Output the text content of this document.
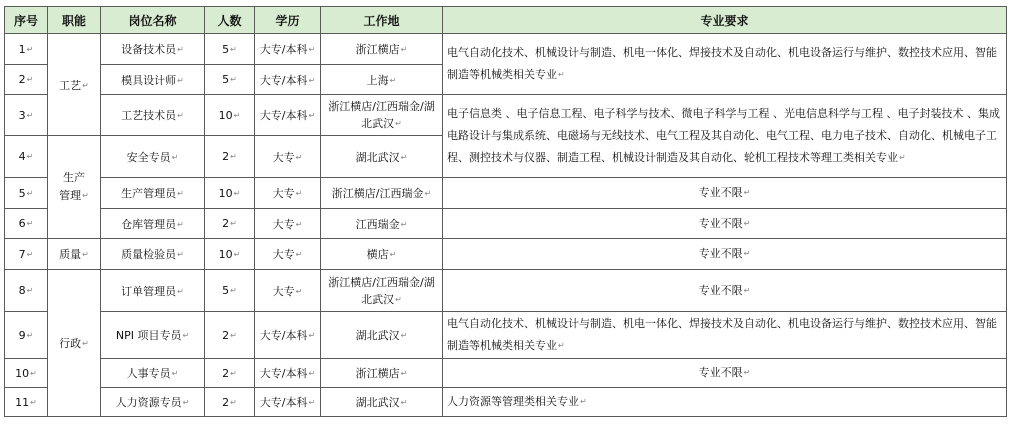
序号	职能	岗位名称	人数	学历	工作地	专业要求
1↵	工艺↵	设备技术员↵	5↵	大专/本科↵	浙江横店↵	电气自动化技术、机械设计与制造、机电一体化、焊接技术及自动化、机电设备运行与维护、数控技术应用、智能制造等机械类相关专业↵
2↵		模具设计师↵	5↵	大专/本科↵	上海↵	
3↵		工艺技术员↵	10↵	大专/本科↵	浙江横店/江西瑞金/湖北武汉↵	电子信息类 、电子信息工程、电子科学与技术、微电子科学与工程 、光电信息科学与工程 、电子封装技术 、集成电路设计与集成系统、电磁场与无线技术、电气工程及其自动化、电气工程、电力电子技术、自动化、机械电子工程、测控技术与仪器、制造工程、机械设计制造及其自动化、轮机工程技术等理工类相关专业↵
4↵	生产管理↵	安全专员↵	2↵	大专↵	湖北武汉↵	
5↵		生产管理员↵	10↵	大专↵	浙江横店/江西瑞金↵	专业不限↵
6↵		仓库管理员↵	2↵	大专↵	江西瑞金↵	专业不限↵
7↵	质量↵	质量检验员↵	10↵	大专↵	横店↵	专业不限↵
8↵	行政↵	订单管理员↵	5↵	大专↵	浙江横店/江西瑞金/湖北武汉↵	专业不限↵
9↵		NPI 项目专员↵	2↵	大专/本科↵	湖北武汉↵	电气自动化技术、机械设计与制造、机电一体化、焊接技术及自动化、机电设备运行与维护、数控技术应用、智能制造等机械类相关专业↵
10↵		人事专员↵	2↵	大专/本科↵	浙江横店↵	专业不限↵
11↵		人力资源专员↵	2↵	大专/本科↵	湖北武汉↵	人力资源等管理类相关专业↵
